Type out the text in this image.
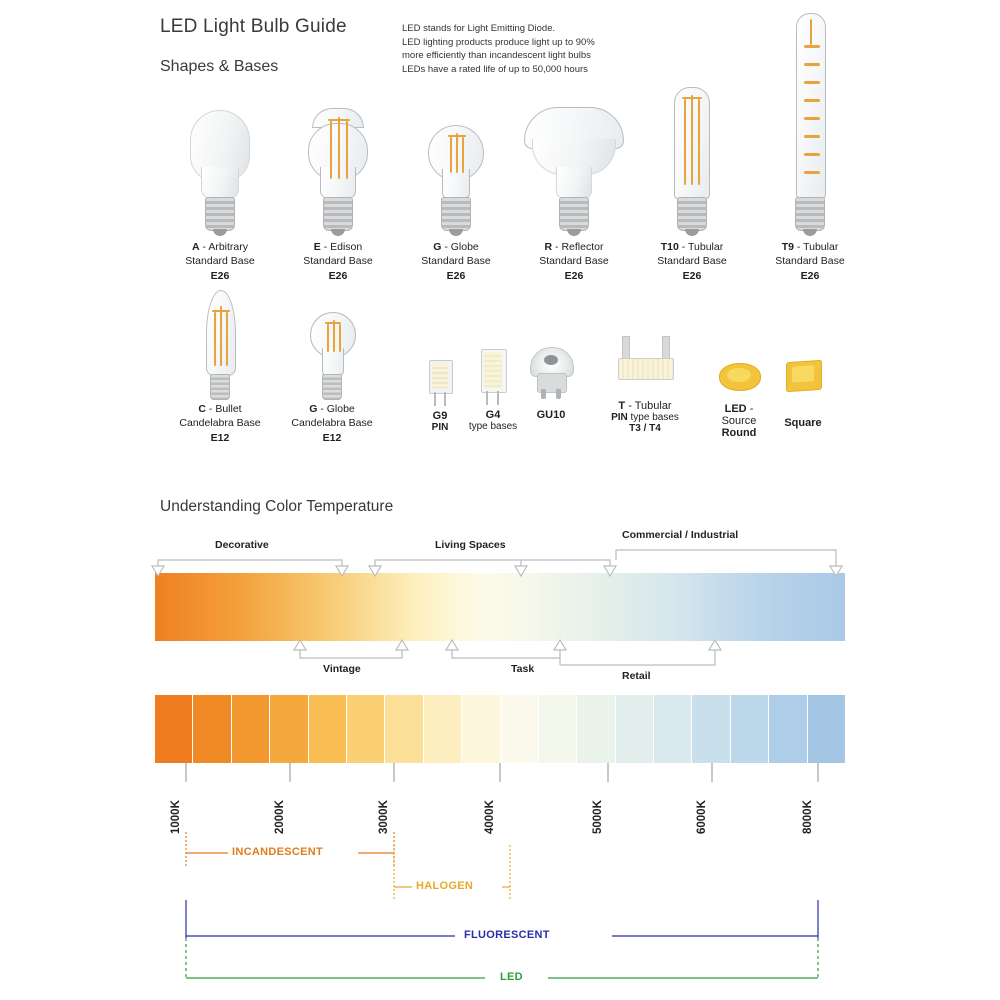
LED Light Bulb Guide
Shapes & Bases
LED stands for Light Emitting Diode.
LED lighting products produce light up to 90%
more efficiently than incandescent light bulbs
LEDs have a rated life of up to 50,000 hours
A - Arbitrary
Standard Base
E26
E - Edison
Standard Base
E26
G - Globe
Standard Base
E26
R - Reflector
Standard Base
E26
T10 - Tubular
Standard Base
E26
T9 - Tubular
Standard Base
E26
C - Bullet
Candelabra Base
E12
G - Globe
Candelabra Base
E12
G9
PIN
G4
type bases
GU10
T - Tubular
PIN type bases
T3 / T4
LED - Source
Round
Square
Understanding Color Temperature
Decorative	Living Spaces
Commercial / Industrial
Vintage	Task
Retail
1000K	2000K	3000K	4000K	5000K	6000K	8000K
INCANDESCENT
HALOGEN
FLUORESCENT
LED
